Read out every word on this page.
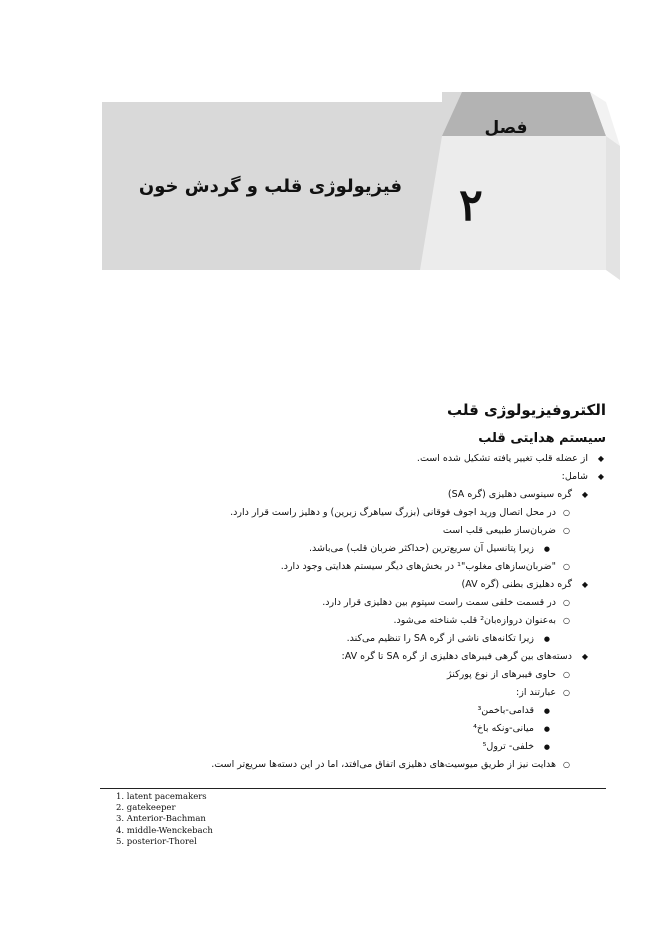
فصل
۲
فیزیولوژی قلب و گردش خون
الکتروفیزیولوژی قلب
سیستم هدایتی قلب
◆
از عضله قلب تغییر یافته تشکیل شده است.
◆
شامل:
◆
گره سینوسی دهلیزی (گره SA)
○
در محل اتصال ورید اجوف فوقانی (بزرگ سیاهرگ زبرین) و دهلیز راست قرار دارد.
○
ضربان‌ساز طبیعی قلب است
●
زیرا پتانسیل آن سریع‌ترین (حداکثر ضربان قلب) می‌باشد.
○
"ضربان‌سازهای مغلوب"¹ در بخش‌های دیگر سیستم هدایتی وجود دارد.
◆
گره دهلیزی بطنی (گره AV)
○
در قسمت خلفی سمت راست سپتوم بین دهلیزی قرار دارد.
○
به‌عنوان دروازه‌بان² قلب شناخته می‌شود.
●
زیرا تکانه‌های ناشی از گره SA را تنظیم می‌کند.
◆
دسته‌های بین گرهی فیبرهای دهلیزی از گره SA تا گره AV:
○
حاوی فیبرهای از نوع پورکنژ
○
عبارتند از:
●
قدامی-باخمن³
●
میانی-ونکه باخ⁴
●
خلفی- ترول⁵
○
هدایت نیز از طریق میوسیت‌های دهلیزی اتفاق می‌افتد، اما در این دسته‌ها سریع‌تر است.
1. latent pacemakers
2. gatekeeper
3. Anterior-Bachman
4. middle-Wenckebach
5. posterior-Thorel
